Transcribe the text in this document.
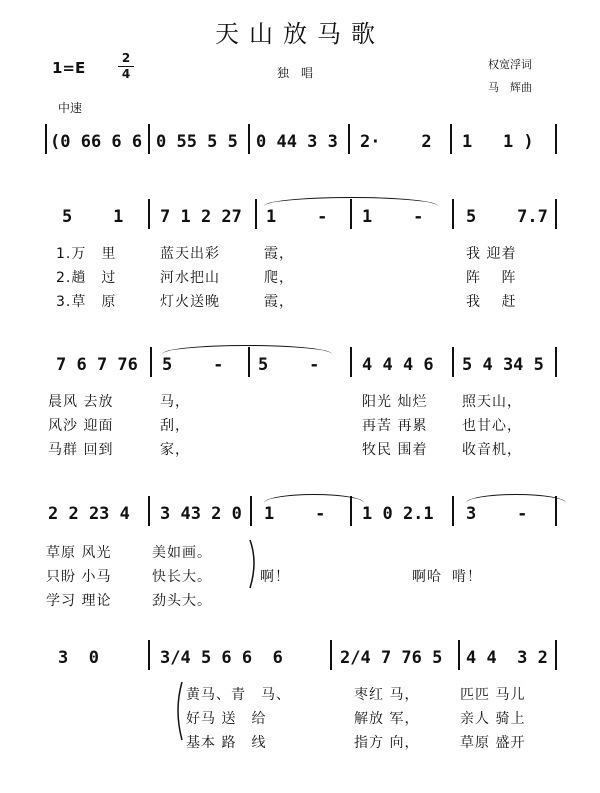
天山放马歌
1=E
2
4	独　唱
权宽浮词
马　辉曲
中速
(0 66 6 6 0 55 5 5 0 44 3 3 2·    2 1   1 )
5    1 7 1 2 27 1    - 1    -	5    7.7
1.万　里	蓝天出彩	霞，	我 迎着
2.趟　过	河水把山	爬，	阵　 阵
3.草　原	灯火送晚	霞，	我　 赶
7 6 7 76 5    - 5    -	4 4 4 6 5 4 34 5
晨风 去放	马，	阳光 灿烂 照天山，
风沙 迎面	刮，	再苦 再累 也甘心，
马群 回到	家，	牧民 围着 收音机，
2 2 23 4 3 43 2 0 1    - 1 0 2.1 3    -
草原 风光	美如画。
只盼 小马	快长大。	啊！	啊哈 啃！
学习 理论	劲头大。
3  0	3/4 5 6 6  6	2/4 7 76 5 4 4  3 2
黄马、青　马、	枣红 马，	匹匹 马儿
好马 送　给	解放 军，	亲人 骑上
基本 路　线	指方 向，	草原 盛开
